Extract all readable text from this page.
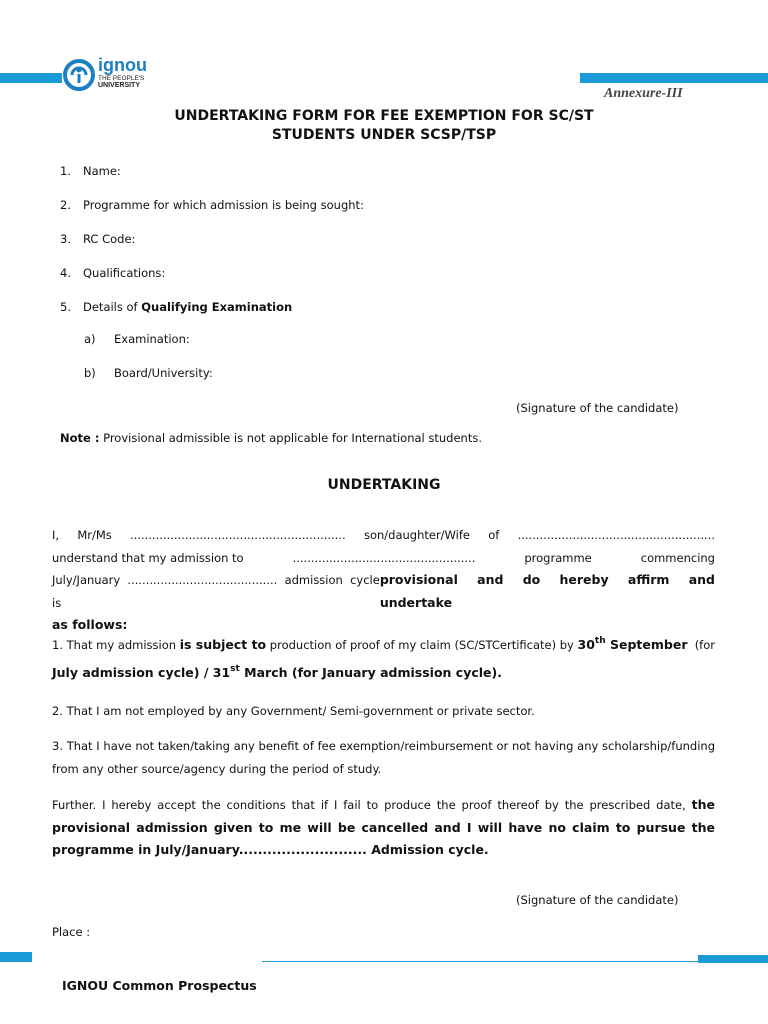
ignou
THE PEOPLE'S
UNIVERSITY
Annexure-III
UNDERTAKING FORM FOR FEE EXEMPTION FOR SC/ST
STUDENTS UNDER SCSP/TSP
1. Name:
2. Programme for which admission is being sought:
3. RC Code:
4. Qualifications:
5. Details of Qualifying Examination
a) Examination:
b) Board/University:
(Signature of the candidate)
Note : Provisional admissible is not applicable for International students.
UNDERTAKING
I, Mr/Ms ........................................................... son/daughter/Wife of ......................................................
understand that my admission to	..................................................	programme	commencing
July/January ......................................... admission cycle is
provisional and do hereby affirm and undertake
as follows:
1. That my admission is subject to production of proof of my claim (SC/STCertificate) by 30th September (for
July admission cycle) / 31st March (for January admission cycle).
2. That I am not employed by any Government/ Semi-government or private sector.
3. That I have not taken/taking any benefit of fee exemption/reimbursement or not having any scholarship/funding from any other source/agency during the period of study.
Further. I hereby accept the conditions that if I fail to produce the proof thereof by the prescribed date, the provisional admission given to me will be cancelled and I will have no claim to pursue the programme in July/January........................... Admission cycle.
(Signature of the candidate)
Place :
IGNOU Common Prospectus
